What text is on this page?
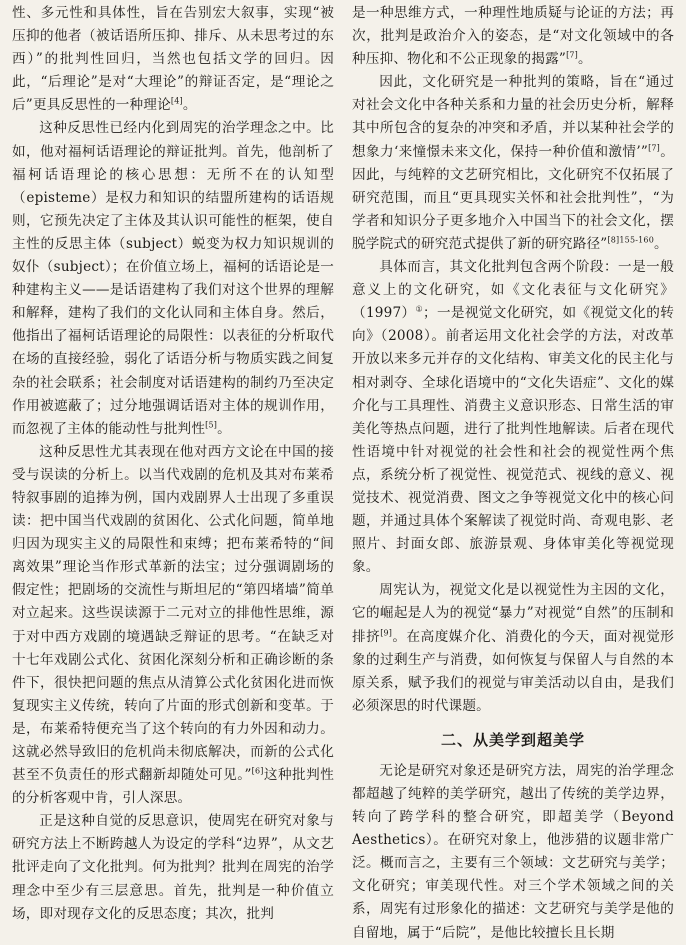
性、多元性和具体性，旨在告别宏大叙事，实现“被压抑的他者（被话语所压抑、排斥、从未思考过的东西）”的批判性回归，当然也包括文学的回归。因此，“后理论”是对“大理论”的辩证否定，是“理论之后”更具反思性的一种理论[4]。

这种反思性已经内化到周宪的治学理念之中。比如，他对福柯话语理论的辩证批判。首先，他剖析了福柯话语理论的核心思想：无所不在的认知型（episteme）是权力和知识的结盟所建构的话语规则，它预先决定了主体及其认识可能性的框架，使自主性的反思主体（subject）蜕变为权力知识规训的奴仆（subject）；在价值立场上，福柯的话语论是一种建构主义——是话语建构了我们对这个世界的理解和解释，建构了我们的文化认同和主体自身。然后，他指出了福柯话语理论的局限性：以表征的分析取代在场的直接经验，弱化了话语分析与物质实践之间复杂的社会联系；社会制度对话语建构的制约乃至决定作用被遮蔽了；过分地强调话语对主体的规训作用，而忽视了主体的能动性与批判性[5]。

这种反思性尤其表现在他对西方文论在中国的接受与误读的分析上。以当代戏剧的危机及其对布莱希特叙事剧的追捧为例，国内戏剧界人士出现了多重误读：把中国当代戏剧的贫困化、公式化问题，简单地归因为现实主义的局限性和束缚；把布莱希特的“间离效果”理论当作形式革新的法宝；过分强调剧场的假定性；把剧场的交流性与斯坦尼的“第四堵墙”简单对立起来。这些误读源于二元对立的排他性思维，源于对中西方戏剧的境遇缺乏辩证的思考。“在缺乏对十七年戏剧公式化、贫困化深刻分析和正确诊断的条件下，很快把问题的焦点从清算公式化贫困化进而恢复现实主义传统，转向了片面的形式创新和变革。于是，布莱希特便充当了这个转向的有力外因和动力。这就必然导致旧的危机尚未彻底解决，而新的公式化甚至不负责任的形式翻新却随处可见。”[6]这种批判性的分析客观中肯，引人深思。

正是这种自觉的反思意识，使周宪在研究对象与研究方法上不断跨越人为设定的学科“边界”，从文艺批评走向了文化批判。何为批判？批判在周宪的治学理念中至少有三层意思。首先，批判是一种价值立场，即对现存文化的反思态度；其次，批判

是一种思维方式，一种理性地质疑与论证的方法；再次，批判是政治介入的姿态，是“对文化领域中的各种压抑、物化和不公正现象的揭露”[7]。

因此，文化研究是一种批判的策略，旨在“通过对社会文化中各种关系和力量的社会历史分析，解释其中所包含的复杂的冲突和矛盾，并以某种社会学的想象力‘来憧憬未来文化，保持一种价值和激情’”[7]。因此，与纯粹的文艺研究相比，文化研究不仅拓展了研究范围，而且“更具现实关怀和社会批判性”，“为学者和知识分子更多地介入中国当下的社会文化，摆脱学院式的研究范式提供了新的研究路径”$^{[8]155-160}$。

具体而言，其文化批判包含两个阶段：一是一般意义上的文化研究，如《文化表征与文化研究》（1997）①；一是视觉文化研究，如《视觉文化的转向》（2008）。前者运用文化社会学的方法，对改革开放以来多元并存的文化结构、审美文化的民主化与相对剥夺、全球化语境中的“文化失语症”、文化的媒介化与工具理性、消费主义意识形态、日常生活的审美化等热点问题，进行了批判性地解读。后者在现代性语境中针对视觉的社会性和社会的视觉性两个焦点，系统分析了视觉性、视觉范式、视线的意义、视觉技术、视觉消费、图文之争等视觉文化中的核心问题，并通过具体个案解读了视觉时尚、奇观电影、老照片、封面女郎、旅游景观、身体审美化等视觉现象。

周宪认为，视觉文化是以视觉性为主因的文化，它的崛起是人为的视觉“暴力”对视觉“自然”的压制和排挤[9]。在高度媒介化、消费化的今天，面对视觉形象的过剩生产与消费，如何恢复与保留人与自然的本原关系，赋予我们的视觉与审美活动以自由，是我们必须深思的时代课题。

二、从美学到超美学

无论是研究对象还是研究方法，周宪的治学理念都超越了纯粹的美学研究，越出了传统的美学边界，转向了跨学科的整合研究，即超美学（Beyond Aesthetics）。在研究对象上，他涉猎的议题非常广泛。概而言之，主要有三个领域：文艺研究与美学；文化研究；审美现代性。对三个学术领域之间的关系，周宪有过形象化的描述：文艺研究与美学是他的自留地，属于“后院”，是他比较擅长且长期
